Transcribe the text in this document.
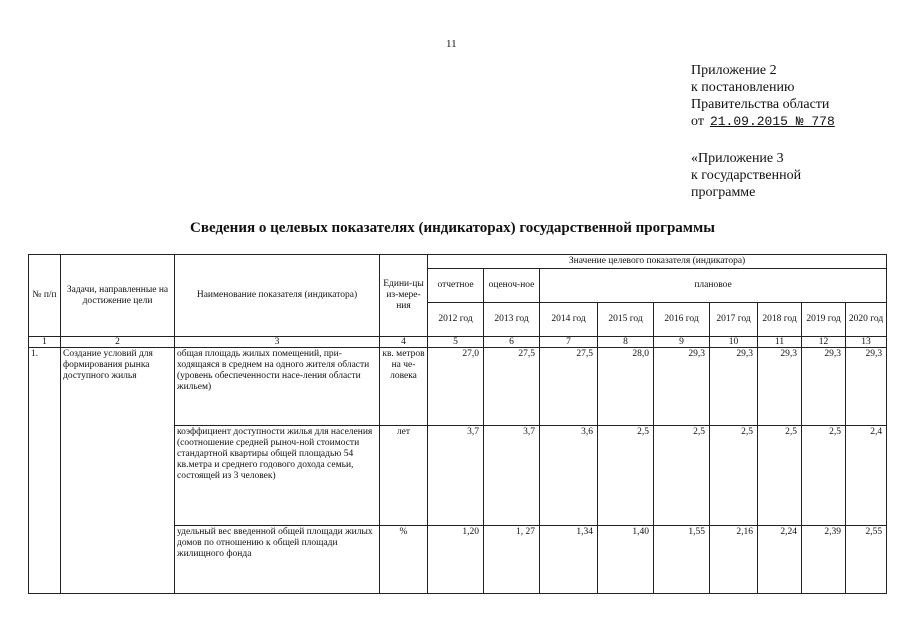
11
Приложение 2
к постановлению
Правительства области
от 21.09.2015 № 778
«Приложение 3
к государственной
программе
Сведения о целевых показателях (индикаторах) государственной программы
№ п/п	Задачи, направленные на достижение цели	Наименование показателя (индикатора)	Едини-цы из-мере-ния	Значение целевого показателя (индикатора)								
				отчетное	оценоч-ное	плановое						
				2012 год	2013 год	2014 год	2015 год	2016 год	2017 год	2018 год	2019 год	2020 год
1	2	3	4	5	6	7	8	9	10	11	12	13
1.	Создание условий для формирования рынка доступного жилья	общая площадь жилых помещений, при-ходящаяся в среднем на одного жителя области (уровень обеспеченности насе-ления области жильем)	кв. метров на че-ловека	27,0	27,5	27,5	28,0	29,3	29,3	29,3	29,3	29,3
		коэффициент доступности жилья для населения (соотношение средней рыноч-ной стоимости стандартной квартиры общей площадью 54 кв.метра и среднего годового дохода семьи, состоящей из 3 человек)	лет	3,7	3,7	3,6	2,5	2,5	2,5	2,5	2,5	2,4
		удельный вес введенной общей площади жилых домов по отношению к общей площади жилищного фонда	%	1,20	1, 27	1,34	1,40	1,55	2,16	2,24	2,39	2,55
